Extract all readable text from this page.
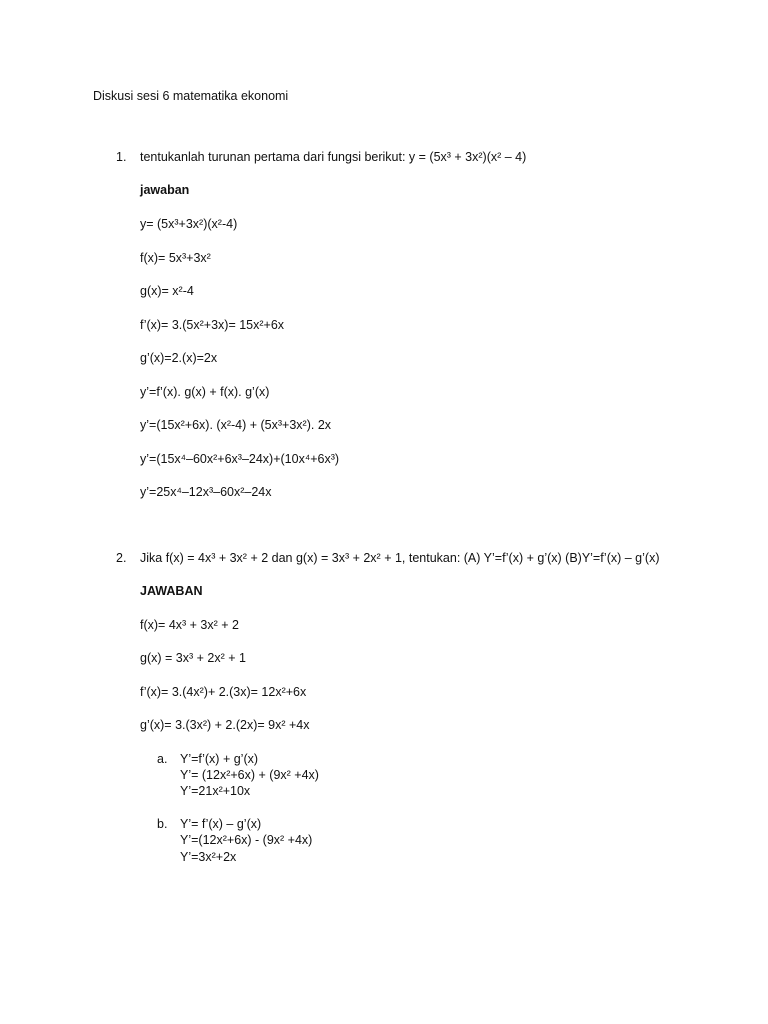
Diskusi sesi 6 matematika ekonomi
1. tentukanlah turunan pertama dari fungsi berikut: y = (5x³ + 3x²)(x² – 4)
jawaban
y= (5x³+3x²)(x²-4)
f(x)= 5x³+3x²
g(x)= x²-4
f’(x)= 3.(5x²+3x)= 15x²+6x
g’(x)=2.(x)=2x
y’=f’(x). g(x) + f(x). g’(x)
y’=(15x²+6x). (x²-4) + (5x³+3x²). 2x
y’=(15x⁴–60x²+6x³–24x)+(10x⁴+6x³)
y’=25x⁴–12x³–60x²–24x
2. Jika f(x) = 4x³ + 3x² + 2 dan g(x) = 3x³ + 2x² + 1, tentukan: (A) Y’=f’(x) + g’(x) (B)Y’=f’(x) – g’(x)
JAWABAN
f(x)= 4x³ + 3x² + 2
g(x) = 3x³ + 2x² + 1
f’(x)= 3.(4x²)+ 2.(3x)= 12x²+6x
g’(x)= 3.(3x²) + 2.(2x)= 9x² +4x
a. Y’=f’(x) + g’(x)
Y’= (12x²+6x) + (9x² +4x)
Y’=21x²+10x
b. Y’= f’(x) – g’(x)
Y’=(12x²+6x) - (9x² +4x)
Y’=3x²+2x
